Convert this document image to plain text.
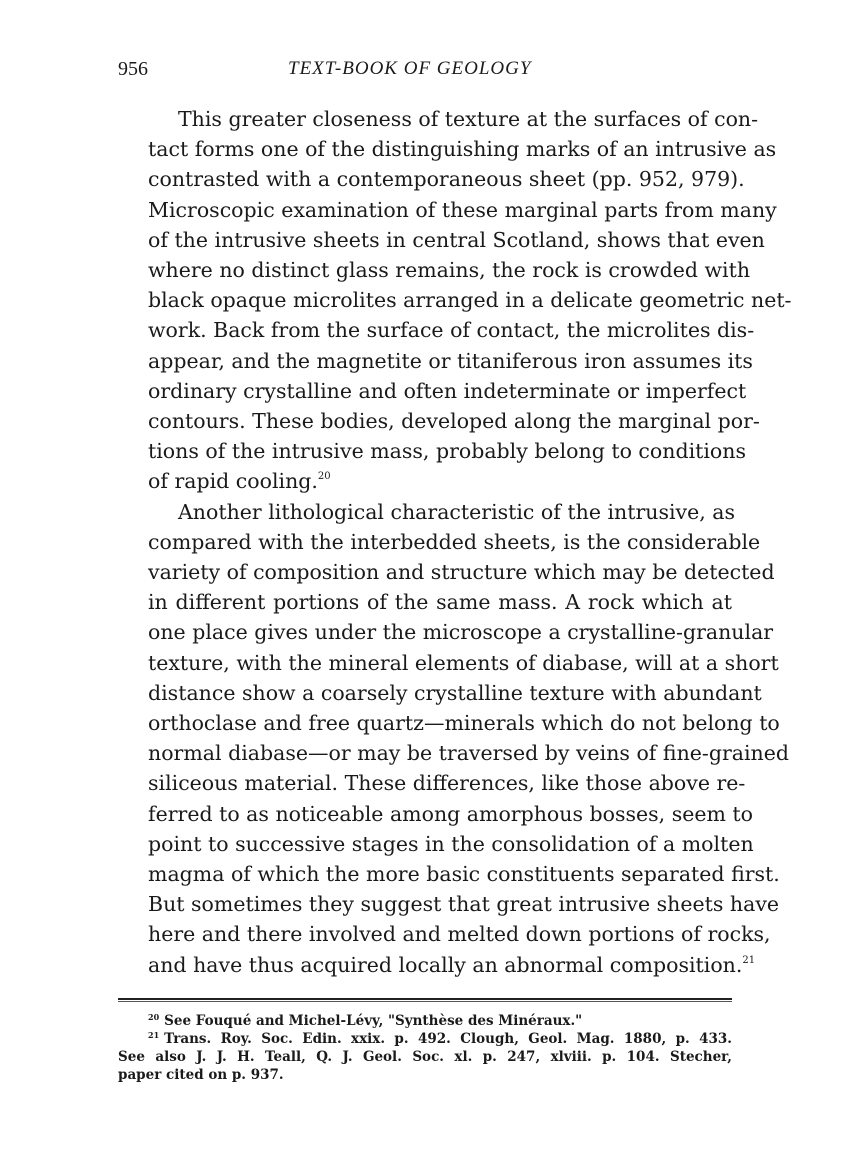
956	TEXT-BOOK OF GEOLOGY

This greater closeness of texture at the surfaces of con-
tact forms one of the distinguishing marks of an intrusive as
contrasted with a contemporaneous sheet (pp. 952, 979).
Microscopic examination of these marginal parts from many
of the intrusive sheets in central Scotland, shows that even
where no distinct glass remains, the rock is crowded with
black opaque microlites arranged in a delicate geometric net-
work. Back from the surface of contact, the microlites dis-
appear, and the magnetite or titaniferous iron assumes its
ordinary crystalline and often indeterminate or imperfect
contours. These bodies, developed along the marginal por-
tions of the intrusive mass, probably belong to conditions
of rapid cooling.$^{20}$

Another lithological characteristic of the intrusive, as
compared with the interbedded sheets, is the considerable
variety of composition and structure which may be detected
in different portions of the same mass. A rock which at
one place gives under the microscope a crystalline-granular
texture, with the mineral elements of diabase, will at a short
distance show a coarsely crystalline texture with abundant
orthoclase and free quartz—minerals which do not belong to
normal diabase—or may be traversed by veins of fine-grained
siliceous material. These differences, like those above re-
ferred to as noticeable among amorphous bosses, seem to
point to successive stages in the consolidation of a molten
magma of which the more basic constituents separated first.
But sometimes they suggest that great intrusive sheets have
here and there involved and melted down portions of rocks,
and have thus acquired locally an abnormal composition.$^{21}$

$^{20}$ See Fouqué and Michel-Lévy, "Synthèse des Minéraux."
$^{21}$ Trans. Roy. Soc. Edin. xxix. p. 492. Clough, Geol. Mag. 1880, p. 433.
See also J. J. H. Teall, Q. J. Geol. Soc. xl. p. 247, xlviii. p. 104. Stecher,
paper cited on p. 937.
